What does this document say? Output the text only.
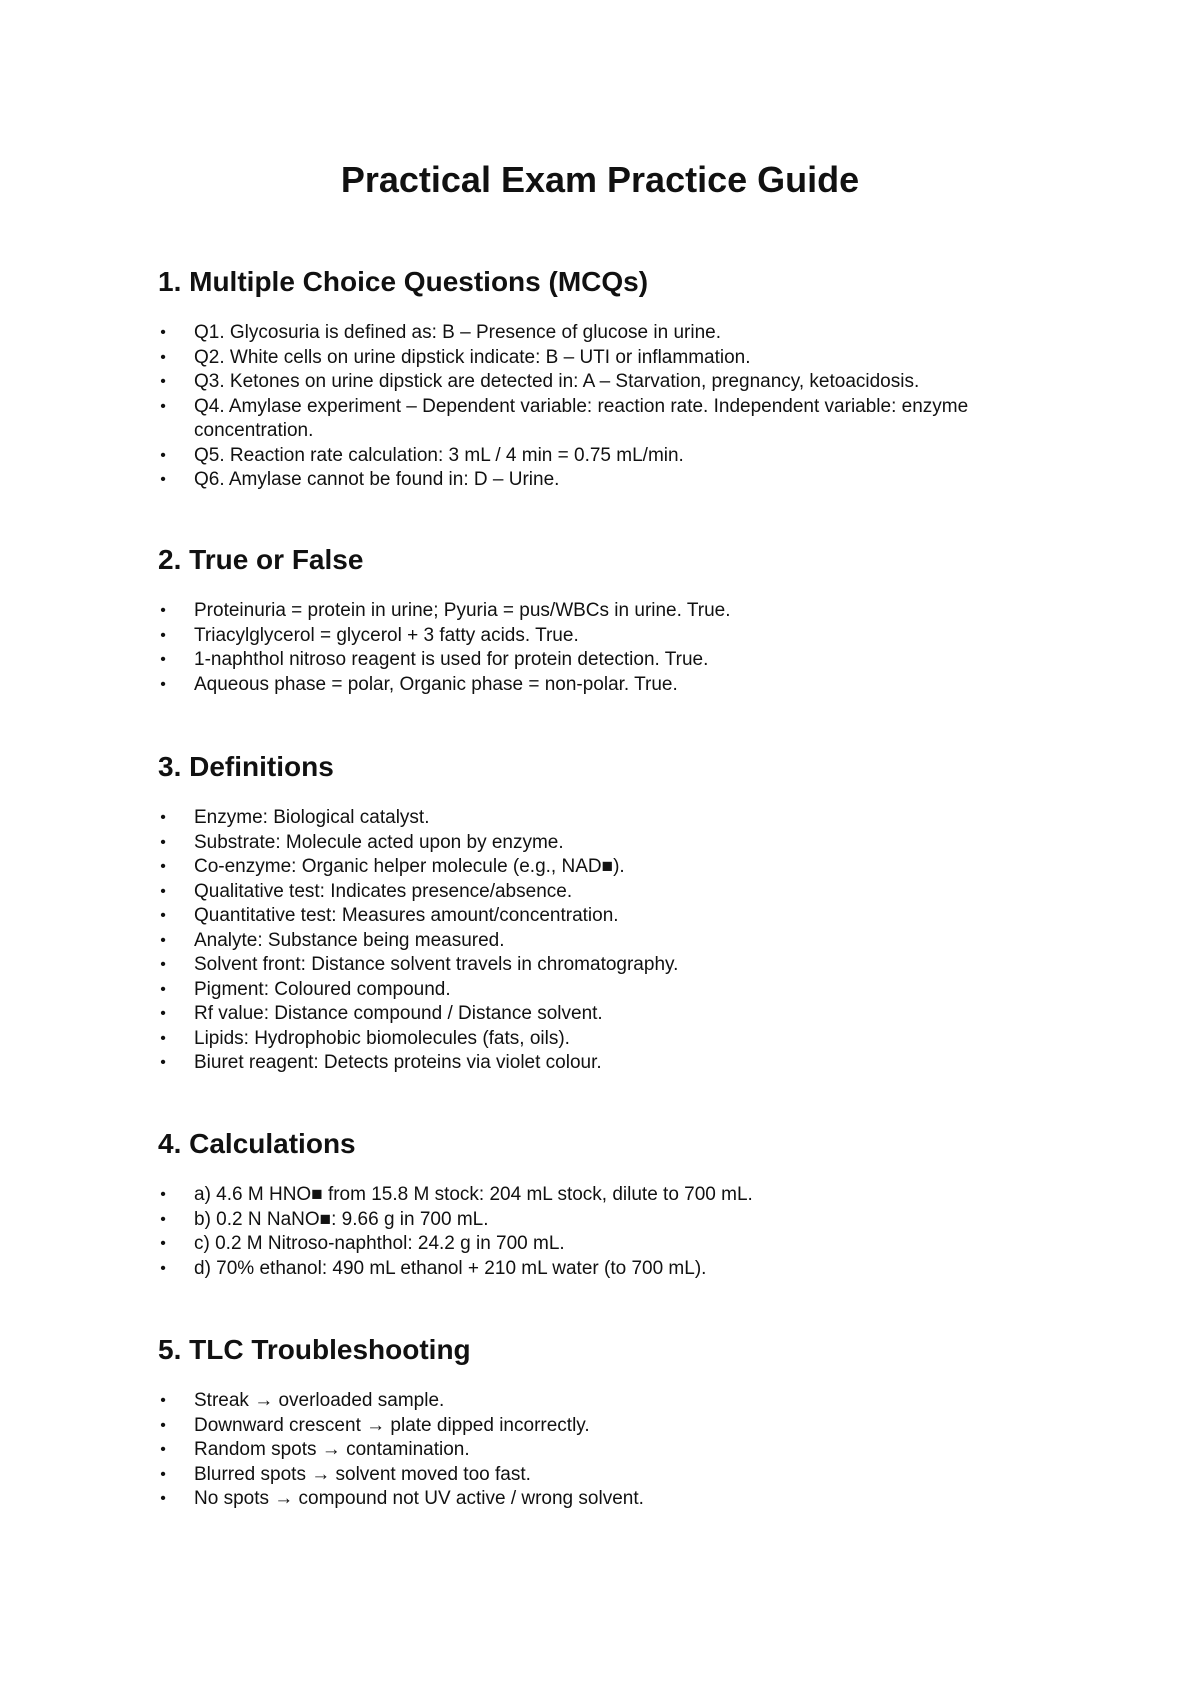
Practical Exam Practice Guide
1. Multiple Choice Questions (MCQs)
• Q1. Glycosuria is defined as: B – Presence of glucose in urine.
• Q2. White cells on urine dipstick indicate: B – UTI or inflammation.
• Q3. Ketones on urine dipstick are detected in: A – Starvation, pregnancy, ketoacidosis.
• Q4. Amylase experiment – Dependent variable: reaction rate. Independent variable: enzyme concentration.
• Q5. Reaction rate calculation: 3 mL / 4 min = 0.75 mL/min.
• Q6. Amylase cannot be found in: D – Urine.
2. True or False
• Proteinuria = protein in urine; Pyuria = pus/WBCs in urine. True.
• Triacylglycerol = glycerol + 3 fatty acids. True.
• 1-naphthol nitroso reagent is used for protein detection. True.
• Aqueous phase = polar, Organic phase = non-polar. True.
3. Definitions
• Enzyme: Biological catalyst.
• Substrate: Molecule acted upon by enzyme.
• Co-enzyme: Organic helper molecule (e.g., NAD■).
• Qualitative test: Indicates presence/absence.
• Quantitative test: Measures amount/concentration.
• Analyte: Substance being measured.
• Solvent front: Distance solvent travels in chromatography.
• Pigment: Coloured compound.
• Rf value: Distance compound / Distance solvent.
• Lipids: Hydrophobic biomolecules (fats, oils).
• Biuret reagent: Detects proteins via violet colour.
4. Calculations
• a) 4.6 M HNO■ from 15.8 M stock: 204 mL stock, dilute to 700 mL.
• b) 0.2 N NaNO■: 9.66 g in 700 mL.
• c) 0.2 M Nitroso-naphthol: 24.2 g in 700 mL.
• d) 70% ethanol: 490 mL ethanol + 210 mL water (to 700 mL).
5. TLC Troubleshooting
• Streak → overloaded sample.
• Downward crescent → plate dipped incorrectly.
• Random spots → contamination.
• Blurred spots → solvent moved too fast.
• No spots → compound not UV active / wrong solvent.
